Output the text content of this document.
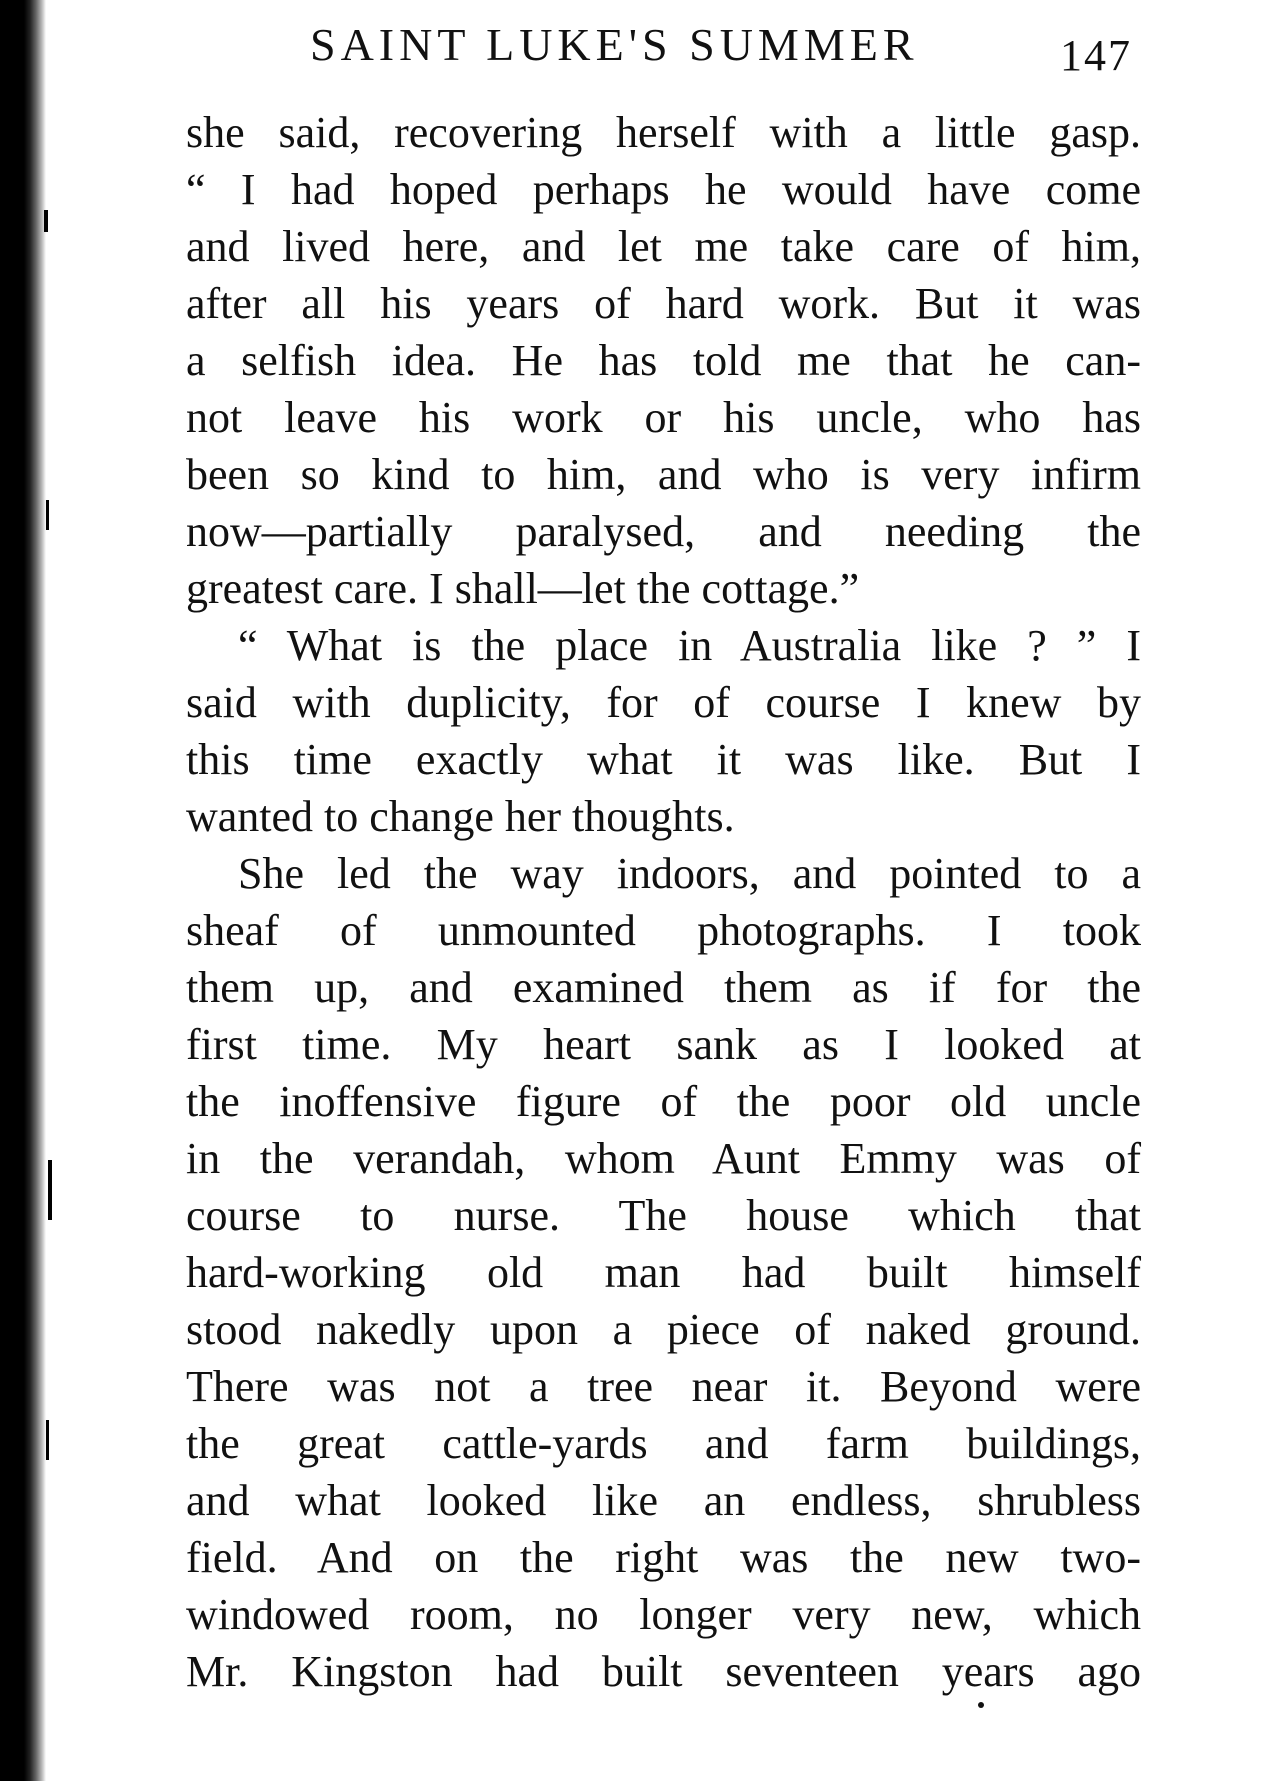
SAINT LUKE'S SUMMER	147
she said, recovering herself with a little gasp.
“ I had hoped perhaps he would have come
and lived here, and let me take care of him,
after all his years of hard work. But it was
a selfish idea. He has told me that he can-
not leave his work or his uncle, who has
been so kind to him, and who is very infirm
now—partially paralysed, and needing the
greatest care. I shall—let the cottage.”
“ What is the place in Australia like ? ” I
said with duplicity, for of course I knew by
this time exactly what it was like. But I
wanted to change her thoughts.
She led the way indoors, and pointed to a
sheaf of unmounted photographs. I took
them up, and examined them as if for the
first time. My heart sank as I looked at
the inoffensive figure of the poor old uncle
in the verandah, whom Aunt Emmy was of
course to nurse. The house which that
hard-working old man had built himself
stood nakedly upon a piece of naked ground.
There was not a tree near it. Beyond were
the great cattle-yards and farm buildings,
and what looked like an endless, shrubless
field. And on the right was the new two-
windowed room, no longer very new, which
Mr. Kingston had built seventeen years ago
